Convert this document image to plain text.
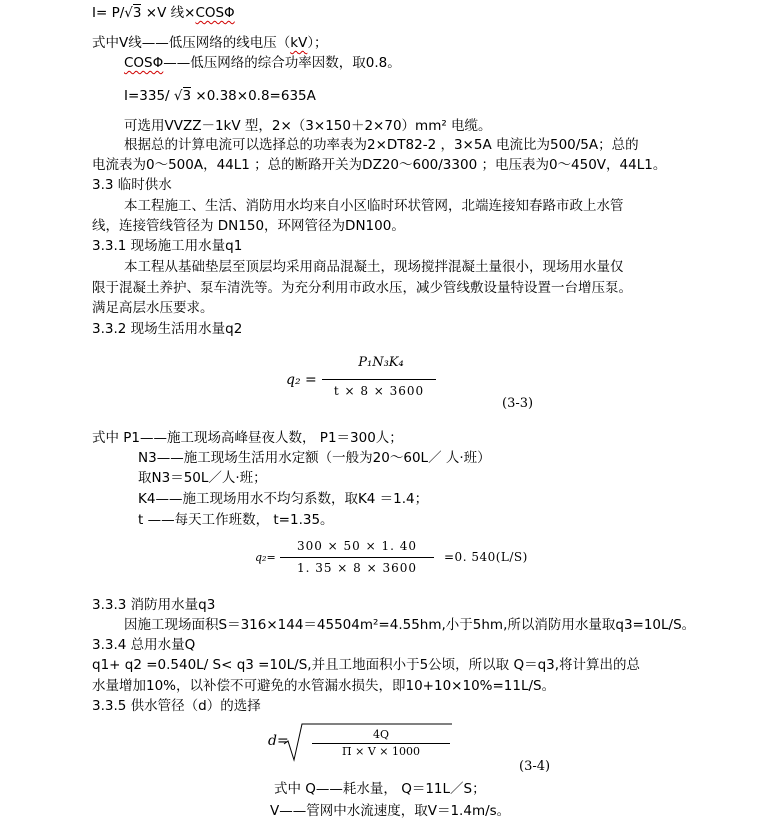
I= P/√3 ×V 线×COSΦ
式中V线——低压网络的线电压（kV）；
COSΦ——低压网络的综合功率因数，取0.8。
I=335/ √3 ×0.38×0.8=635A
可选用VVZZ－1kV 型，2×（3×150＋2×70）mm² 电缆。
根据总的计算电流可以选择总的功率表为2×DT82-2 ，3×5A 电流比为500/5A；总的
电流表为0～500A，44L1 ；总的断路开关为DZ20～600/3300 ；电压表为0～450V，44L1。
3.3 临时供水
本工程施工、生活、消防用水均来自小区临时环状管网，北端连接知春路市政上水管
线，连接管线管径为 DN150，环网管径为DN100。
3.3.1 现场施工用水量q1
本工程从基础垫层至顶层均采用商品混凝土，现场搅拌混凝土量很小，现场用水量仅
限于混凝土养护、泵车清洗等。为充分利用市政水压，减少管线敷设量特设置一台增压泵。
满足高层水压要求。
3.3.2 现场生活用水量q2
q₂ =
P₁N₃K₄
t × 8 × 3600
(3-3)
式中 P1——施工现场高峰昼夜人数， P1＝300人；
N3——施工现场生活用水定额（一般为20～60L／ 人·班）
取N3＝50L／人·班；
K4——施工现场用水不均匀系数，取K4 ＝1.4；
t ——每天工作班数， t=1.35。
q₂=
300 × 50 × 1. 40
1. 35 × 8 × 3600
=0. 540(L/S)
3.3.3 消防用水量q3
因施工现场面积S＝316×144＝45504m²=4.55hm,小于5hm,所以消防用水量取q3=10L/S。
3.3.4 总用水量Q
q1+ q2 =0.540L/ S< q3 =10L/S,并且工地面积小于5公顷，所以取 Q＝q3,将计算出的总
水量增加10%，以补偿不可避免的水管漏水损失，即10+10×10%=11L/S。
3.3.5 供水管径（d）的选择
d=	4Q
Π × V × 1000
(3-4)
式中 Q——耗水量， Q＝11L／S；
V——管网中水流速度，取V＝1.4m/s。
